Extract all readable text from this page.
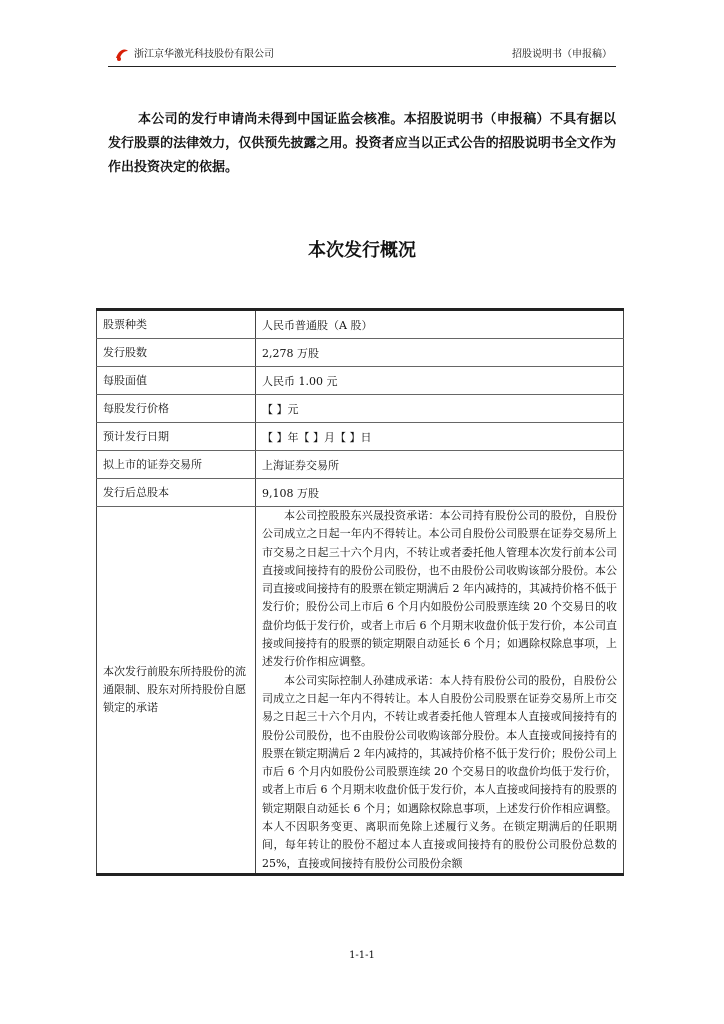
浙江京华激光科技股份有限公司	招股说明书（申报稿）
本公司的发行申请尚未得到中国证监会核准。本招股说明书（申报稿）不具有据以发行股票的法律效力，仅供预先披露之用。投资者应当以正式公告的招股说明书全文作为作出投资决定的依据。
本次发行概况
股票种类	人民币普通股（A 股）
发行股数	2,278 万股
每股面值	人民币 1.00 元
每股发行价格	【 】元
预计发行日期	【 】年【 】月【 】日
拟上市的证券交易所	上海证券交易所
发行后总股本	9,108 万股
本次发行前股东所持股份的流通限制、股东对所持股份自愿锁定的承诺	本公司控股股东兴晟投资承诺：本公司持有股份公司的股份，自股份公司成立之日起一年内不得转让。本公司自股份公司股票在证券交易所上市交易之日起三十六个月内，不转让或者委托他人管理本次发行前本公司直接或间接持有的股份公司股份，也不由股份公司收购该部分股份。本公司直接或间接持有的股票在锁定期满后 2 年内减持的，其减持价格不低于发行价；股份公司上市后 6 个月内如股份公司股票连续 20 个交易日的收盘价均低于发行价，或者上市后 6 个月期末收盘价低于发行价，本公司直接或间接持有的股票的锁定期限自动延长 6 个月；如遇除权除息事项，上述发行价作相应调整。

本公司实际控制人孙建成承诺：本人持有股份公司的股份，自股份公司成立之日起一年内不得转让。本人自股份公司股票在证券交易所上市交易之日起三十六个月内，不转让或者委托他人管理本人直接或间接持有的股份公司股份，也不由股份公司收购该部分股份。本人直接或间接持有的股票在锁定期满后 2 年内减持的，其减持价格不低于发行价；股份公司上市后 6 个月内如股份公司股票连续 20 个交易日的收盘价均低于发行价，或者上市后 6 个月期末收盘价低于发行价，本人直接或间接持有的股票的锁定期限自动延长 6 个月；如遇除权除息事项，上述发行价作相应调整。本人不因职务变更、离职而免除上述履行义务。在锁定期满后的任职期间，每年转让的股份不超过本人直接或间接持有的股份公司股份总数的 25%，直接或间接持有股份公司股份余额

1-1-1
